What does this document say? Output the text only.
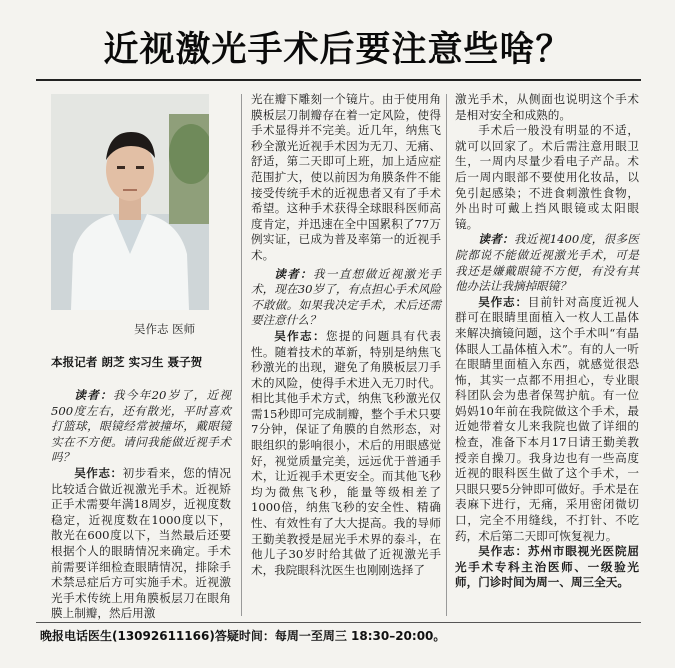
近视激光手术后要注意些啥？
吴作志 医师
本报记者 朗芝 实习生 聂子贺

读者：我今年20岁了，近视500度左右，还有散光，平时喜欢打篮球，眼镜经常被撞坏，戴眼镜实在不方便。请问我能做近视手术吗？

吴作志：初步看来，您的情况比较适合做近视激光手术。近视矫正手术需要年满18周岁，近视度数稳定，近视度数在1000度以下，散光在600度以下，当然最后还要根据个人的眼睛情况来确定。手术前需要详细检查眼睛情况，排除手术禁忌症后方可实施手术。近视激光手术传统上用角膜板层刀在眼角膜上制瓣，然后用激

光在瓣下雕刻一个镜片。由于使用角膜板层刀制瓣存在着一定风险，使得手术显得并不完美。近几年，纳焦飞秒全激光近视手术因为无刀、无痛、舒适，第二天即可上班，加上适应症范围扩大，使以前因为角膜条件不能接受传统手术的近视患者又有了手术希望。这种手术获得全球眼科医师高度肯定，并迅速在全中国累积了77万例实证，已成为普及率第一的近视手术。

读者：我一直想做近视激光手术，现在30岁了，有点担心手术风险不敢做。如果我决定手术，术后还需要注意什么？

吴作志：您提的问题具有代表性。随着技术的革新，特别是纳焦飞秒激光的出现，避免了角膜板层刀手术的风险，使得手术进入无刀时代。相比其他手术方式，纳焦飞秒激光仅需15秒即可完成制瓣，整个手术只要7分钟，保证了角膜的自然形态，对眼组织的影响很小，术后的用眼感觉好，视觉质量完美，远远优于普通手术，让近视手术更安全。而其他飞秒均为微焦飞秒，能量等级相差了1000倍，纳焦飞秒的安全性、精确性、有效性有了大大提高。我的导师王勤美教授是屈光手术界的泰斗，在他儿子30岁时给其做了近视激光手术，我院眼科沈医生也刚刚选择了

激光手术，从侧面也说明这个手术是相对安全和成熟的。

手术后一般没有明显的不适，就可以回家了。术后需注意用眼卫生，一周内尽量少看电子产品。术后一周内眼部不要使用化妆品，以免引起感染；不进食刺激性食物，外出时可戴上挡风眼镜或太阳眼镜。

读者：我近视1400度，很多医院都说不能做近视激光手术，可是我还是嫌戴眼镜不方便，有没有其他办法让我摘掉眼镜？

吴作志：目前针对高度近视人群可在眼睛里面植入一枚人工晶体来解决摘镜问题，这个手术叫“有晶体眼人工晶体植入术”。有的人一听在眼睛里面植入东西，就感觉很恐怖，其实一点都不用担心，专业眼科团队会为患者保驾护航。有一位妈妈10年前在我院做这个手术，最近她带着女儿来我院也做了详细的检查，准备下本月17日请王勤美教授亲自操刀。我身边也有一些高度近视的眼科医生做了这个手术，一只眼只要5分钟即可做好。手术是在表麻下进行，无痛，采用密闭微切口，完全不用缝线，不打针、不吃药，术后第二天即可恢复视力。

吴作志：苏州市眼视光医院屈光手术专科主治医师、一级验光师，门诊时间为周一、周三全天。

晚报电话医生(13092611166)答疑时间：每周一至周三 18:30–20:00。
